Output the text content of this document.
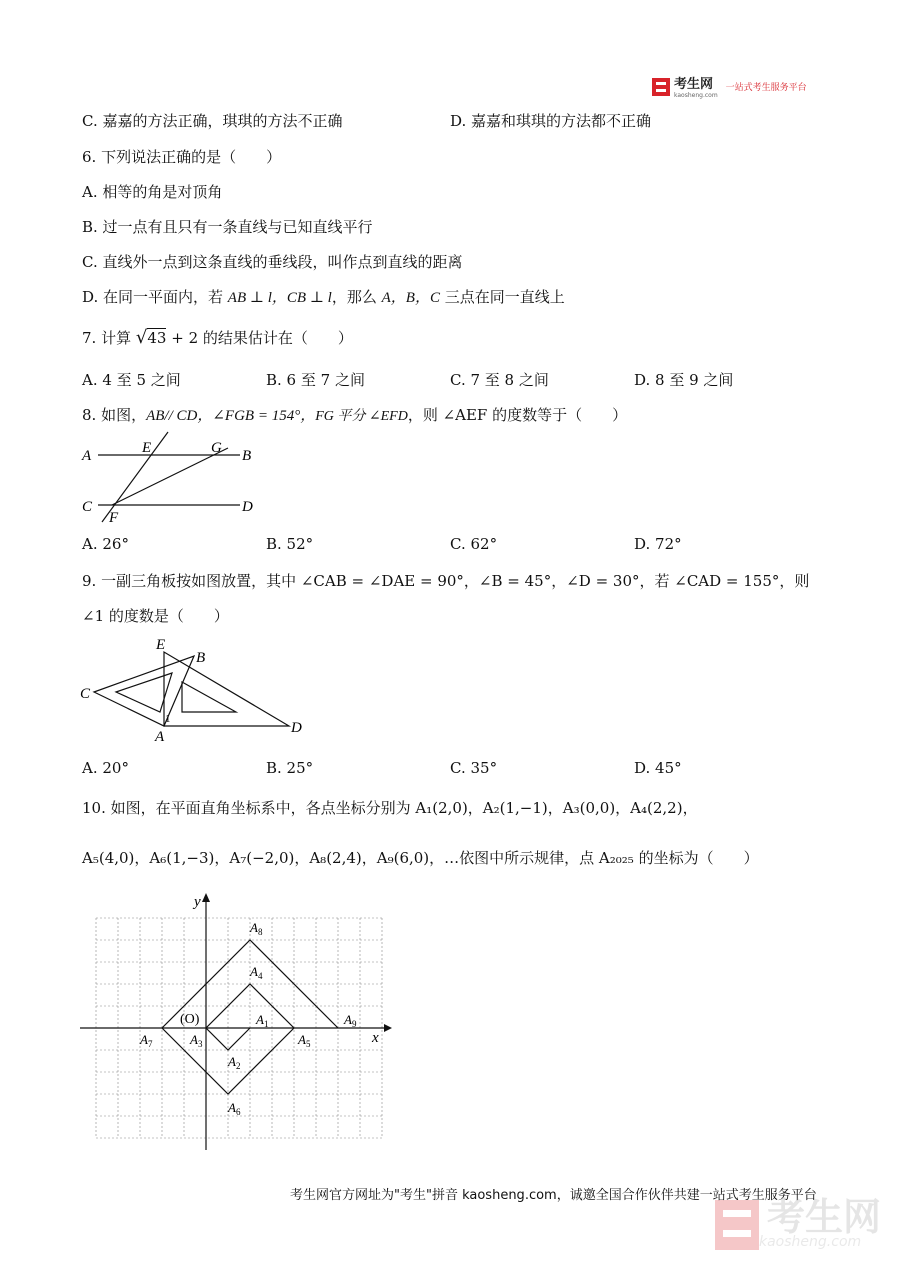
考生网
kaosheng.com
一站式考生服务平台
C. 嘉嘉的方法正确，琪琪的方法不正确	D. 嘉嘉和琪琪的方法都不正确
6. 下列说法正确的是（　　）
A. 相等的角是对顶角
B. 过一点有且只有一条直线与已知直线平行
C. 直线外一点到这条直线的垂线段，叫作点到直线的距离
D. 在同一平面内，若 AB ⊥ l，CB ⊥ l，那么 A，B，C 三点在同一直线上
7. 计算 √43 + 2 的结果估计在（　　）
A. 4 至 5 之间	B. 6 至 7 之间	C. 7 至 8 之间	D. 8 至 9 之间
8. 如图，AB// CD，∠FGB = 154°，FG 平分 ∠EFD，则 ∠AEF 的度数等于（　　）
A	E	G B
C
F
D
A. 26°	B. 52°	C. 62°	D. 72°
9. 一副三角板按如图放置，其中 ∠CAB = ∠DAE = 90°，∠B = 45°，∠D = 30°，若 ∠CAD = 155°，则
∠1 的度数是（　　）
E
B
C
A
D
1
A. 20°	B. 25°	C. 35°	D. 45°
10. 如图，在平面直角坐标系中，各点坐标分别为 A₁(2,0)，A₂(1,−1)，A₃(0,0)，A₄(2,2)，
A₅(4,0)，A₆(1,−3)，A₇(−2,0)，A₈(2,4)，A₉(6,0)，…依图中所示规律，点 A₂₀₂₅ 的坐标为（　　）
x
y
(O)	$A_1$
$A_2$
$A_3$
$A_4$
$A_5$
$A_6$
$A_7$
$A_8$
$A_9$
考生网官方网址为"考生"拼音 kaosheng.com，诚邀全国合作伙伴共建一站式考生服务平台
考生网
kaosheng.com
